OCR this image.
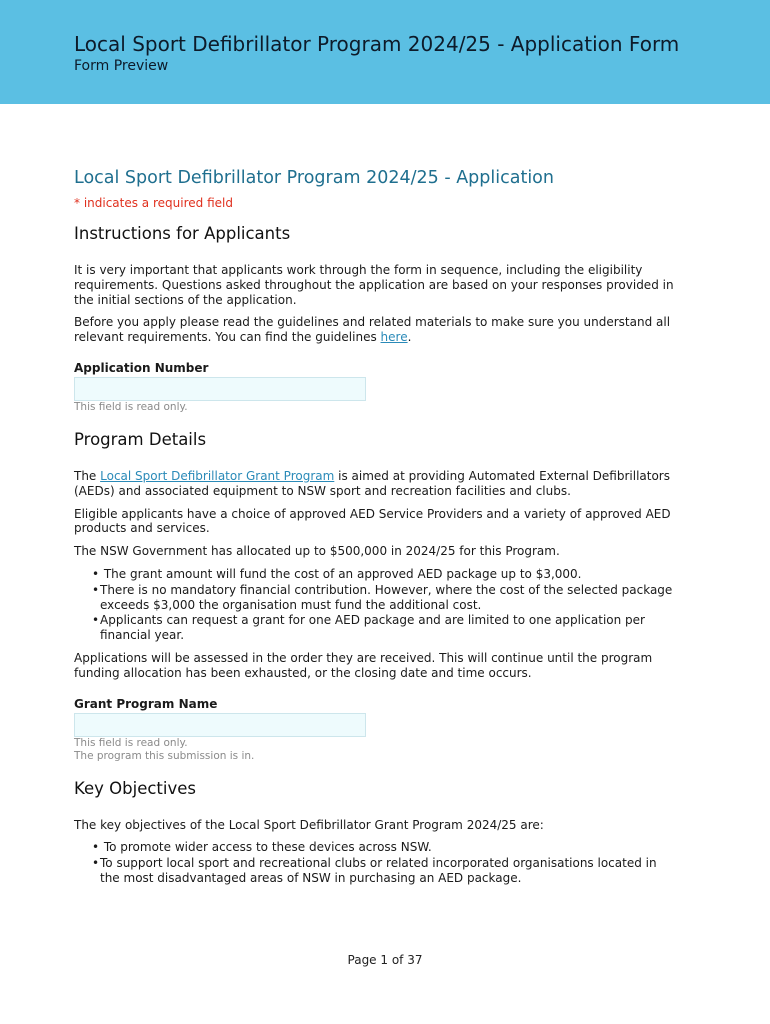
Local Sport Defibrillator Program 2024/25 - Application Form
Form Preview
Local Sport Defibrillator Program 2024/25 - Application
* indicates a required field
Instructions for Applicants

It is very important that applicants work through the form in sequence, including the eligibility requirements. Questions asked throughout the application are based on your responses provided in the initial sections of the application.

Before you apply please read the guidelines and related materials to make sure you understand all relevant requirements. You can find the guidelines here.

Application Number
This field is read only.
Program Details

The Local Sport Defibrillator Grant Program is aimed at providing Automated External Defibrillators (AEDs) and associated equipment to NSW sport and recreation facilities and clubs.

Eligible applicants have a choice of approved AED Service Providers and a variety of approved AED products and services.

The NSW Government has allocated up to $500,000 in 2024/25 for this Program.

• The grant amount will fund the cost of an approved AED package up to $3,000.
•There is no mandatory financial contribution. However, where the cost of the selected package exceeds $3,000 the organisation must fund the additional cost.
•Applicants can request a grant for one AED package and are limited to one application per financial year.

Applications will be assessed in the order they are received. This will continue until the program funding allocation has been exhausted, or the closing date and time occurs.

Grant Program Name
This field is read only.
The program this submission is in.
Key Objectives

The key objectives of the Local Sport Defibrillator Grant Program 2024/25 are:

• To promote wider access to these devices across NSW.
•To support local sport and recreational clubs or related incorporated organisations located in the most disadvantaged areas of NSW in purchasing an AED package.
Page 1 of 37
